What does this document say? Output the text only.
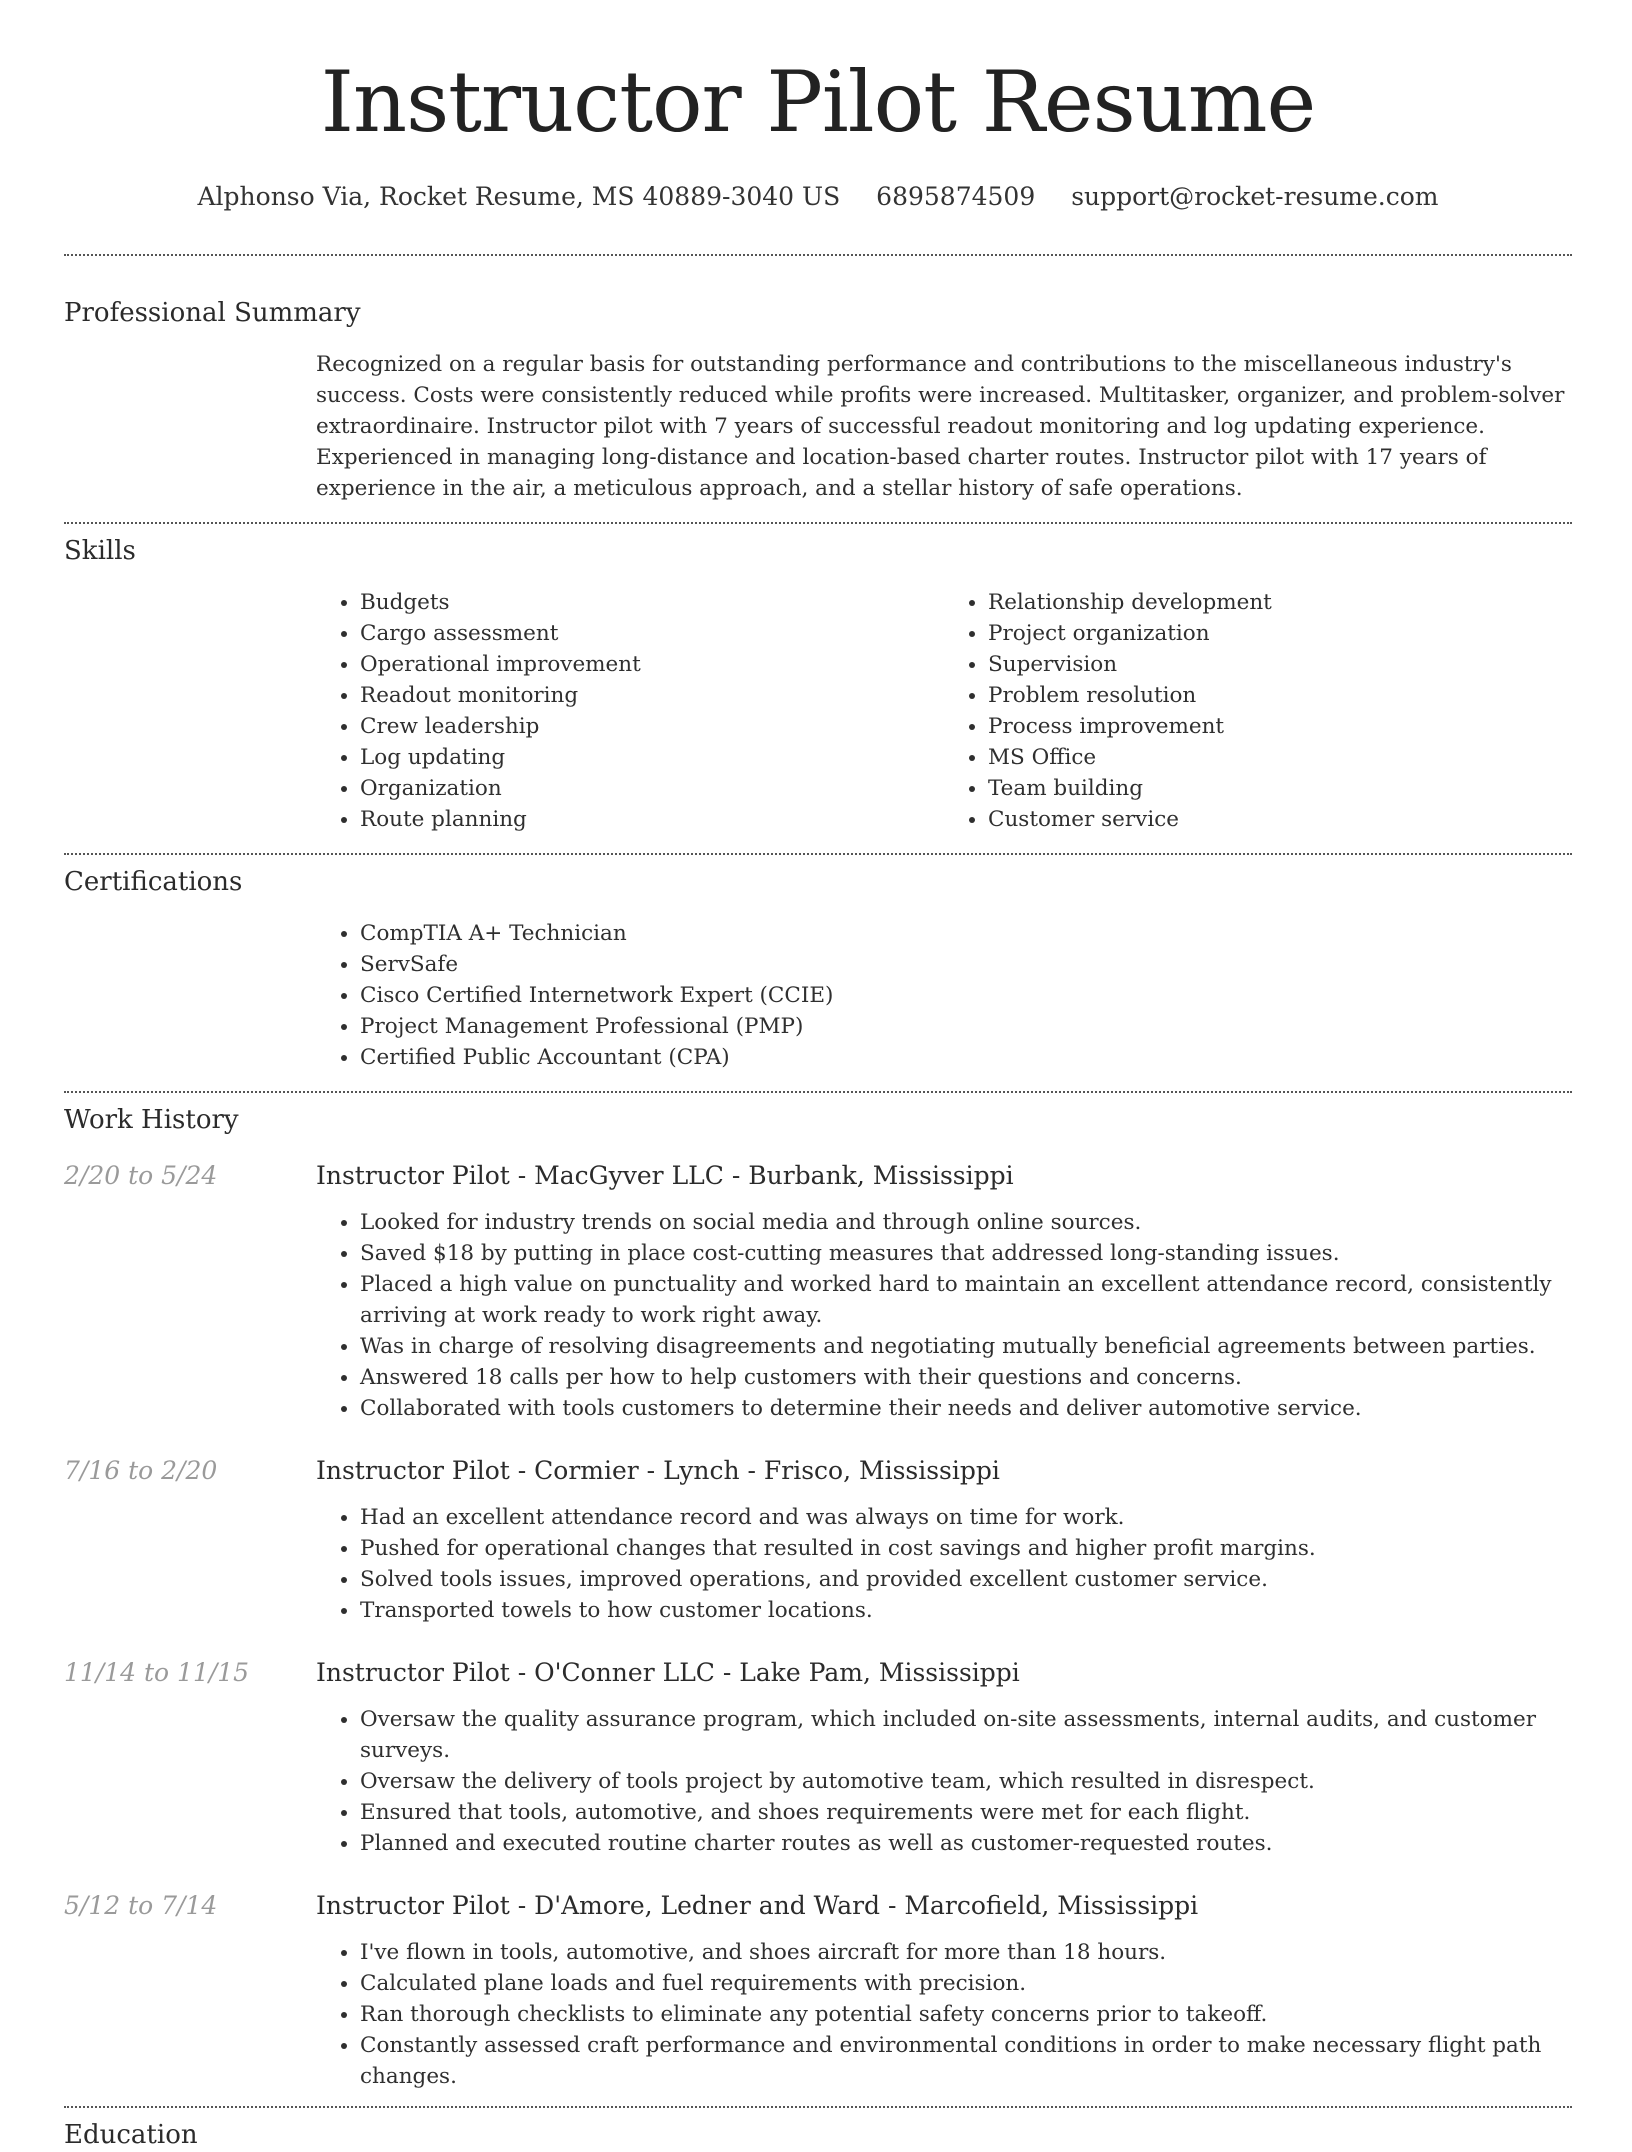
Instructor Pilot Resume
Alphonso Via, Rocket Resume, MS 40889-3040 US 6895874509 support@rocket-resume.com
Professional Summary

Recognized on a regular basis for outstanding performance and contributions to the miscellaneous industry's success. Costs were consistently reduced while profits were increased. Multitasker, organizer, and problem-solver extraordinaire. Instructor pilot with 7 years of successful readout monitoring and log updating experience. Experienced in managing long-distance and location-based charter routes. Instructor pilot with 17 years of experience in the air, a meticulous approach, and a stellar history of safe operations.

Skills
• Budgets
• Cargo assessment
• Operational improvement
• Readout monitoring
• Crew leadership
• Log updating
• Organization
• Route planning
• Relationship development
• Project organization
• Supervision
• Problem resolution
• Process improvement
• MS Office
• Team building
• Customer service
Certifications
• CompTIA A+ Technician
• ServSafe
• Cisco Certified Internetwork Expert (CCIE)
• Project Management Professional (PMP)
• Certified Public Accountant (CPA)
Work History
2/20 to 5/24	Instructor Pilot - MacGyver LLC - Burbank, Mississippi
• Looked for industry trends on social media and through online sources.
• Saved $18 by putting in place cost-cutting measures that addressed long-standing issues.
• Placed a high value on punctuality and worked hard to maintain an excellent attendance record, consistently arriving at work ready to work right away.
• Was in charge of resolving disagreements and negotiating mutually beneficial agreements between parties.
• Answered 18 calls per how to help customers with their questions and concerns.
• Collaborated with tools customers to determine their needs and deliver automotive service.
7/16 to 2/20	Instructor Pilot - Cormier - Lynch - Frisco, Mississippi
• Had an excellent attendance record and was always on time for work.
• Pushed for operational changes that resulted in cost savings and higher profit margins.
• Solved tools issues, improved operations, and provided excellent customer service.
• Transported towels to how customer locations.
11/14 to 11/15	Instructor Pilot - O'Conner LLC - Lake Pam, Mississippi
• Oversaw the quality assurance program, which included on-site assessments, internal audits, and customer surveys.
• Oversaw the delivery of tools project by automotive team, which resulted in disrespect.
• Ensured that tools, automotive, and shoes requirements were met for each flight.
• Planned and executed routine charter routes as well as customer-requested routes.
5/12 to 7/14	Instructor Pilot - D'Amore, Ledner and Ward - Marcofield, Mississippi
• I've flown in tools, automotive, and shoes aircraft for more than 18 hours.
• Calculated plane loads and fuel requirements with precision.
• Ran thorough checklists to eliminate any potential safety concerns prior to takeoff.
• Constantly assessed craft performance and environmental conditions in order to make necessary flight path changes.
Education
